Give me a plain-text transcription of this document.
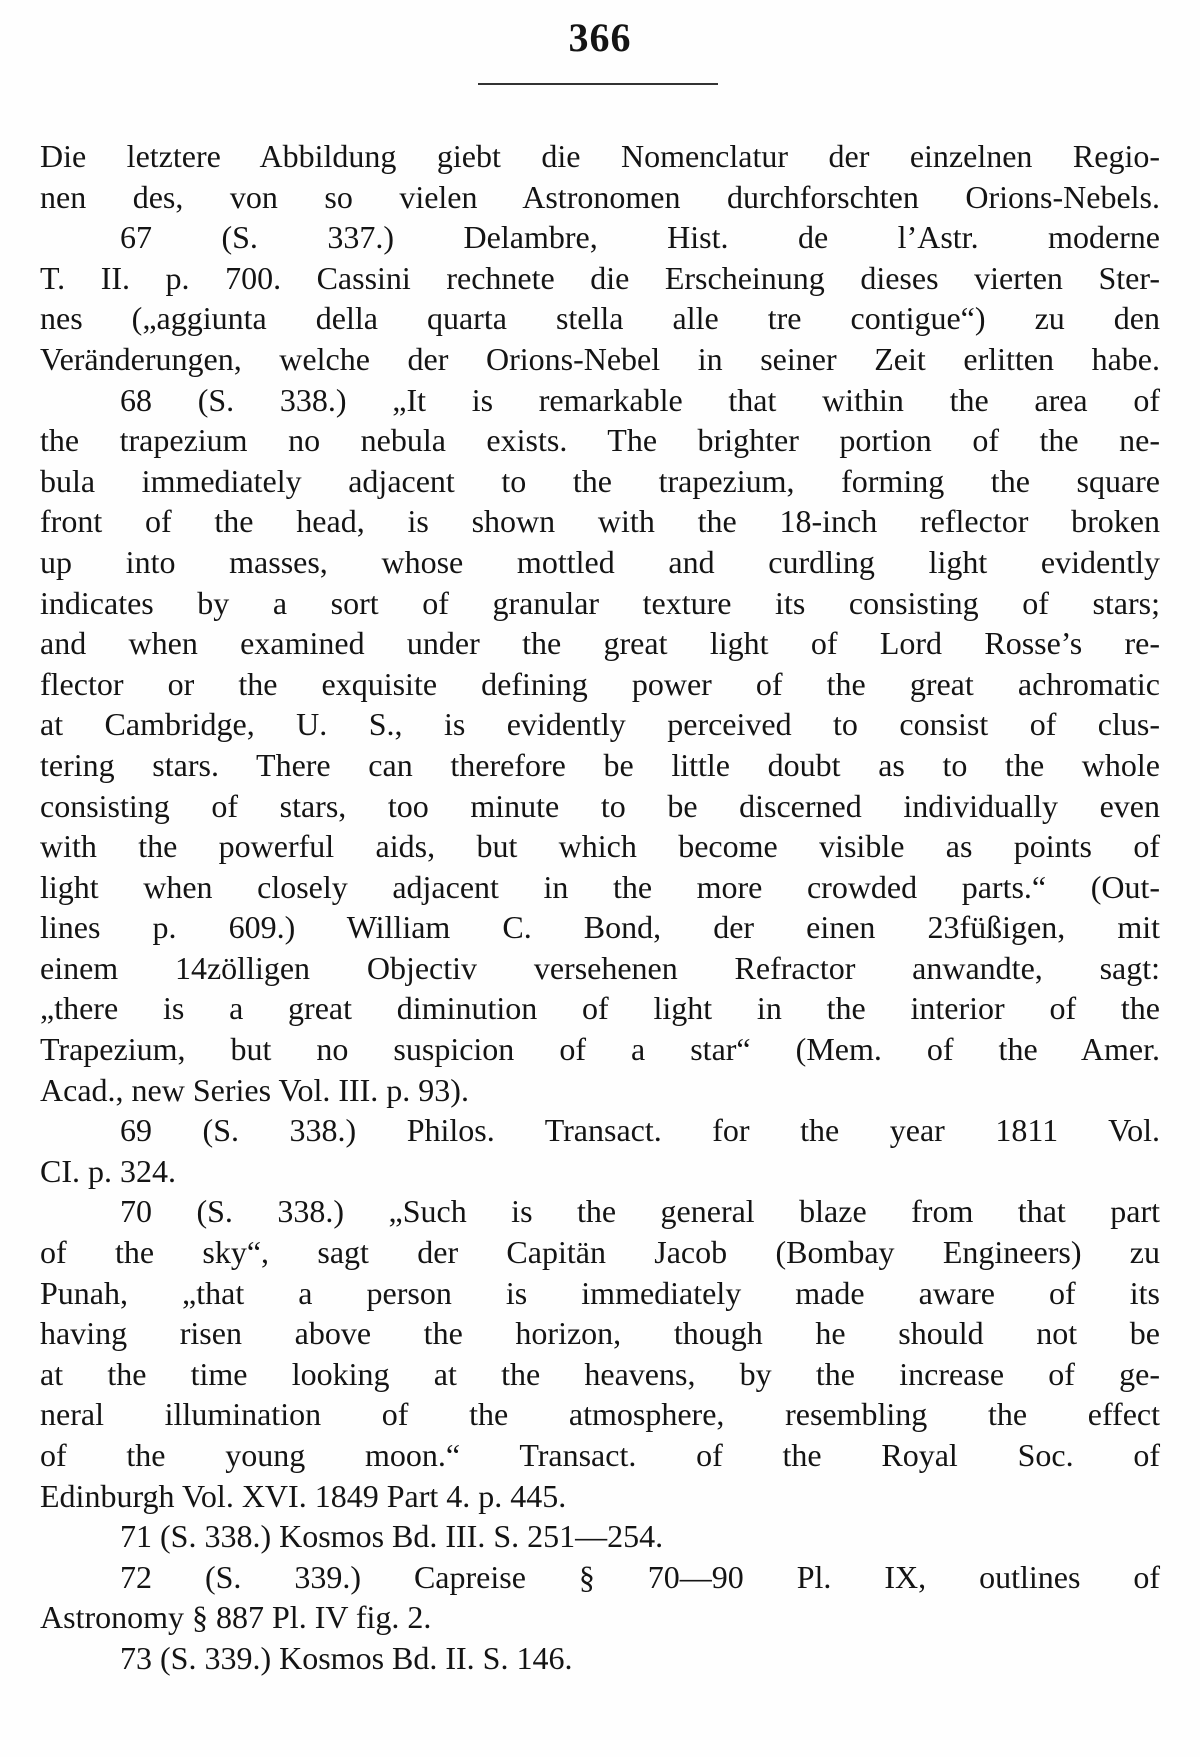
366
Die letztere Abbildung giebt die Nomenclatur der einzelnen Regio-
nen des, von so vielen Astronomen durchforschten Orions-Nebels.
67 (S. 337.) Delambre, Hist. de l’Astr. moderne
T. II. p. 700. Cassini rechnete die Erscheinung dieses vierten Ster-
nes („aggiunta della quarta stella alle tre contigue“) zu den
Veränderungen, welche der Orions-Nebel in seiner Zeit erlitten habe.
68 (S. 338.) „It is remarkable that within the area of
the trapezium no nebula exists. The brighter portion of the ne-
bula immediately adjacent to the trapezium, forming the square
front of the head, is shown with the 18-inch reflector broken
up into masses, whose mottled and curdling light evidently
indicates by a sort of granular texture its consisting of stars;
and when examined under the great light of Lord Rosse’s re-
flector or the exquisite defining power of the great achromatic
at Cambridge, U. S., is evidently perceived to consist of clus-
tering stars. There can therefore be little doubt as to the whole
consisting of stars, too minute to be discerned individually even
with the powerful aids, but which become visible as points of
light when closely adjacent in the more crowded parts.“ (Out-
lines p. 609.) William C. Bond, der einen 23füßigen, mit
einem 14zölligen Objectiv versehenen Refractor anwandte, sagt:
„there is a great diminution of light in the interior of the
Trapezium, but no suspicion of a star“ (Mem. of the Amer.
Acad., new Series Vol. III. p. 93).
69 (S. 338.) Philos. Transact. for the year 1811 Vol.
CI. p. 324.
70 (S. 338.) „Such is the general blaze from that part
of the sky“, sagt der Capitän Jacob (Bombay Engineers) zu
Punah, „that a person is immediately made aware of its
having risen above the horizon, though he should not be
at the time looking at the heavens, by the increase of ge-
neral illumination of the atmosphere, resembling the effect
of the young moon.“ Transact. of the Royal Soc. of
Edinburgh Vol. XVI. 1849 Part 4. p. 445.
71 (S. 338.) Kosmos Bd. III. S. 251—254.
72 (S. 339.) Capreise § 70—90 Pl. IX, outlines of
Astronomy § 887 Pl. IV fig. 2.
73 (S. 339.) Kosmos Bd. II. S. 146.
